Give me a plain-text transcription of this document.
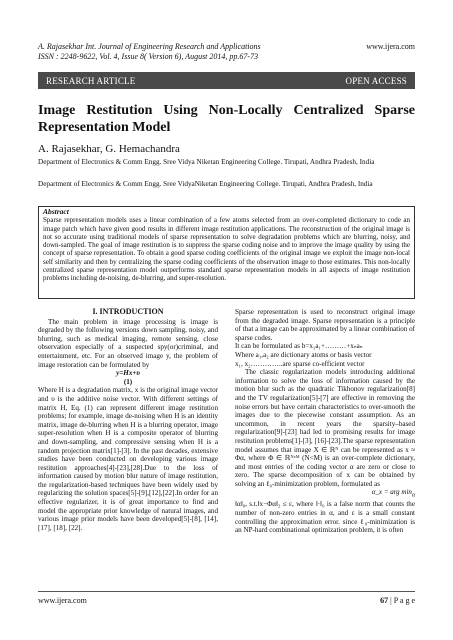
A. Rajasekhar Int. Journal of Engineering Research and Applications
ISSN : 2248-9622, Vol. 4, Issue 8( Version 6), August 2014, pp.67-73
www.ijera.com
RESEARCH ARTICLE	OPEN ACCESS
Image Restitution Using Non-Locally Centralized Sparse Representation Model
A. Rajasekhar, G. Hemachandra
Department of Electronics & Comm Engg. Sree Vidya Niketan Engineering College. Tirupati, Andhra Pradesh, India
Department of Electronics & Comm Engg. Sree VidyaNiketan Engineering College. Tirupati, Andhra Pradesh, India
Abstract
Sparse representation models uses a linear combination of a few atoms selected from an over-completed dictionary to code an image patch which have given good results in different image restitution applications. The reconstruction of the original image is not so accurate using traditional models of sparse representation to solve degradation problems which are blurring, noisy, and down-sampled. The goal of image restitution is to suppress the sparse coding noise and to improve the image quality by using the concept of sparse representation. To obtain a good sparse coding coefficients of the original image we exploit the image non-local self similarity and then by centralizing the sparse coding coefficients of the observation image to those estimates. This non-locally centralized sparse representation model outperforms standard sparse representation models in all aspects of image restitution problems including de-noising, de-blurring, and super-resolution.
I. INTRODUCTION

The main problem in image processing is image is degraded by the following versions down sampling, noisy, and blurring, such as medical imaging, remote sensing, close observation especially of a suspected spy(or)criminal, and entertainment, etc. For an observed image y, the problem of image restoration can be formulated by

y=Hx+υ

(1)

Where H is a degradation matrix, x is the original image vector and υ is the additive noise vector. With different settings of matrix H, Eq. (1) can represent different image restitution problems; for example, image de-noising when H is an identity matrix, image de-blurring when H is a blurring operator, image super-resolution when H is a composite operator of blurring and down-sampling, and compressive sensing when H is a random projection matrix[1]-[3]. In the past decades, extensive studies have been conducted on developing various image restitution approaches[4]-[23],[28].Due to the loss of information caused by motion blur nature of image restitution, the regularization-based techniques have been widely used by regularizing the solution spaces[5]-[9],[12],[22].In order for an effective regularizer, it is of great importance to find and model the appropriate prior knowledge of natural images, and various image prior models have been developed[5]-[8], [14], [17], [18], [22].

Sparse representation is used to reconstruct original image from the degraded image. Sparse representation is a principle of that a image can be approximated by a linear combination of sparse codes.

It can be formulated as b=x₁a₁+………+xₙaₙ

Where a₁,a₂ are dictionary atoms or basis vector

x₁, x₂…………..are sparse co-efficient vector

The classic regularization models introducing additional information to solve the loss of information caused by the motion blur such as the quadratic Tikhonov regularization[8] and the TV regularization[5]-[7] are effective in removing the noise errors but have certain characteristics to over-smooth the images due to the piecewise constant assumption. As an uncommon, in recent years the sparsity–based regularization[9]-[23] had led to promising results for image restitution problems[1]-[3], [16]-[23].The sparse representation model assumes that image X ∈ ℝᴺ can be represented as x ≈ Φα, where Φ ∈ ℝᴺˣᴹ (N<M) is an over-complete dictionary, and most entries of the coding vector α are zero or close to zero. The sparse decomposition of x can be obtained by solving an ℓ₀-minimization problem, formulated as

α_x = arg $\min_\alpha$

‖α‖₀, s.t.‖x−Φα‖₂ ≤ ε, where ‖·‖₀ is a false norm that counts the number of non-zero entries in α, and ε is a small constant controlling the approximation error. since ℓ₀-minimization is an NP-hard combinational optimization problem, it is often

www.ijera.com	67 | P a g e
